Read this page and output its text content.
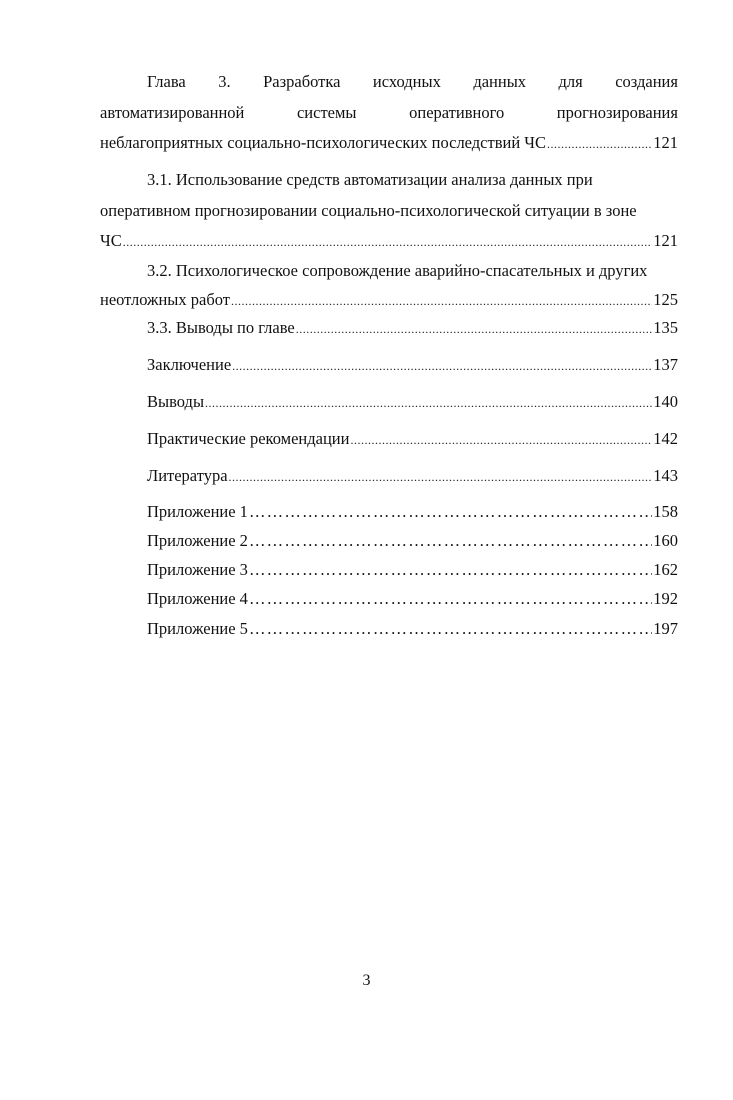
Глава 3. Разработка исходных данных для создания
автоматизированной	системы	оперативного	прогнозирования
неблагоприятных социально-психологических последствий ЧС .....	121
3.1. Использование средств автоматизации анализа данных при
оперативном прогнозировании социально-психологической ситуации в зоне
ЧС .....	121
3.2. Психологическое сопровождение аварийно-спасательных и других
неотложных работ .....	125
3.3. Выводы по главе .....	135
Заключение .....	137
Выводы .....	140
Практические рекомендации .....	142
Литература .....	143
Приложение 1 …………………………………………………………………………………………………………………………………………	158
Приложение 2 …………………………………………………………………………………………………………………………………………	160
Приложение 3 …………………………………………………………………………………………………………………………………………	162
Приложение 4 …………………………………………………………………………………………………………………………………………	192
Приложение 5 …………………………………………………………………………………………………………………………………………	197
3
